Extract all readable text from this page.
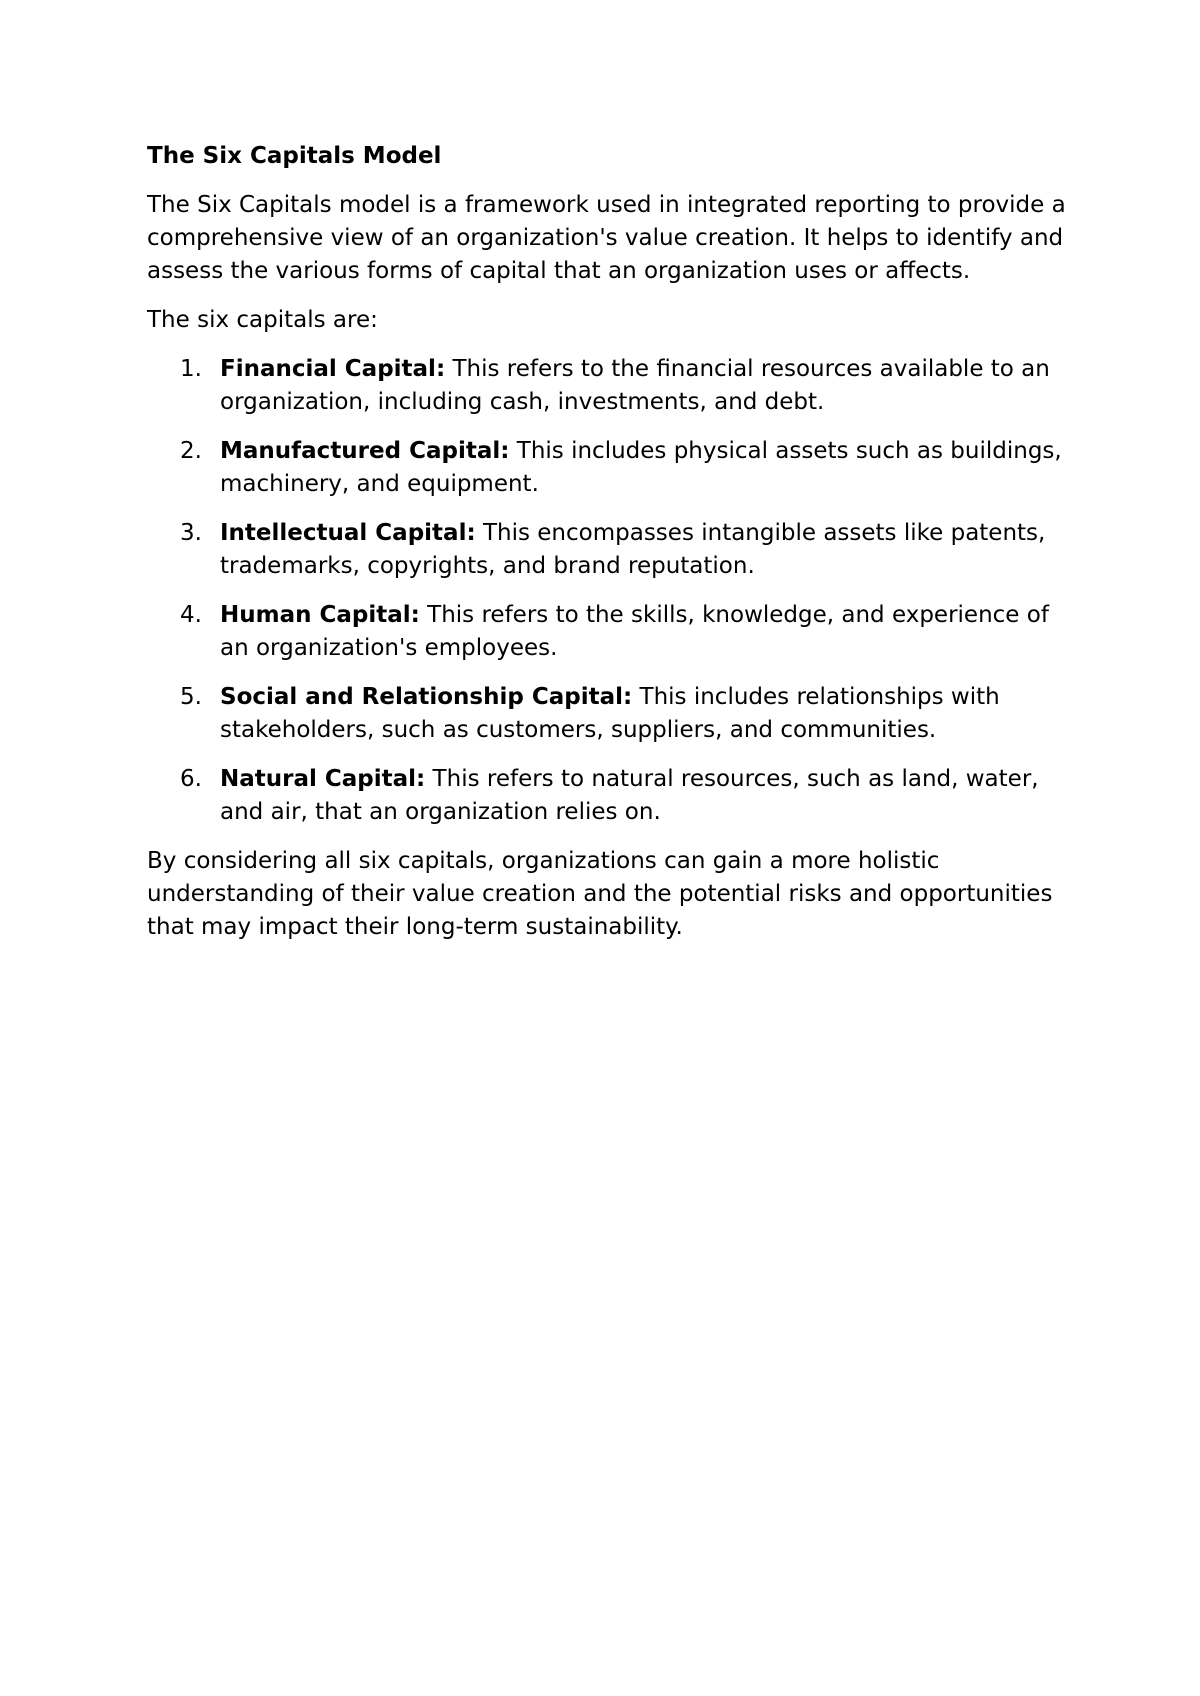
The Six Capitals Model

The Six Capitals model is a framework used in integrated reporting to provide a comprehensive view of an organization's value creation. It helps to identify and assess the various forms of capital that an organization uses or affects.

The six capitals are:

1. Financial Capital: This refers to the financial resources available to an organization, including cash, investments, and debt.
2. Manufactured Capital: This includes physical assets such as buildings, machinery, and equipment.
3. Intellectual Capital: This encompasses intangible assets like patents, trademarks, copyrights, and brand reputation.
4. Human Capital: This refers to the skills, knowledge, and experience of an organization's employees.
5. Social and Relationship Capital: This includes relationships with stakeholders, such as customers, suppliers, and communities.
6. Natural Capital: This refers to natural resources, such as land, water, and air, that an organization relies on.

By considering all six capitals, organizations can gain a more holistic understanding of their value creation and the potential risks and opportunities that may impact their long-term sustainability.
